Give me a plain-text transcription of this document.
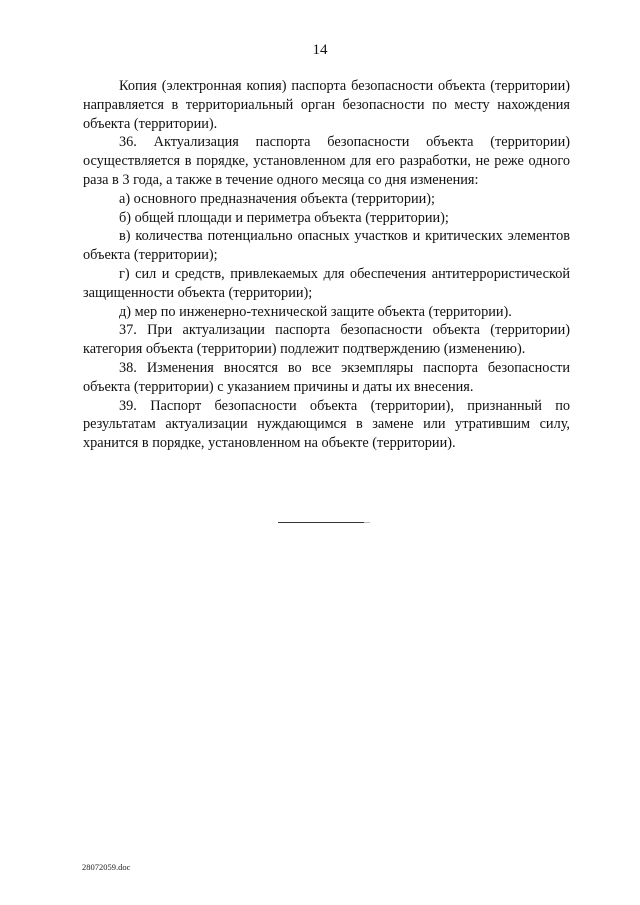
14

Копия (электронная копия) паспорта безопасности объекта (территории) направляется в территориальный орган безопасности по месту нахождения объекта (территории).

36. Актуализация паспорта безопасности объекта (территории) осуществляется в порядке, установленном для его разработки, не реже одного раза в 3 года, а также в течение одного месяца со дня изменения:

а) основного предназначения объекта (территории);

б) общей площади и периметра объекта (территории);

в) количества потенциально опасных участков и критических элементов объекта (территории);

г) сил и средств, привлекаемых для обеспечения антитеррористической защищенности объекта (территории);

д) мер по инженерно-технической защите объекта (территории).

37. При актуализации паспорта безопасности объекта (территории) категория объекта (территории) подлежит подтверждению (изменению).

38. Изменения вносятся во все экземпляры паспорта безопасности объекта (территории) с указанием причины и даты их внесения.

39. Паспорт безопасности объекта (территории), признанный по результатам актуализации нуждающимся в замене или утратившим силу, хранится в порядке, установленном на объекте (территории).

—
28072059.doc
